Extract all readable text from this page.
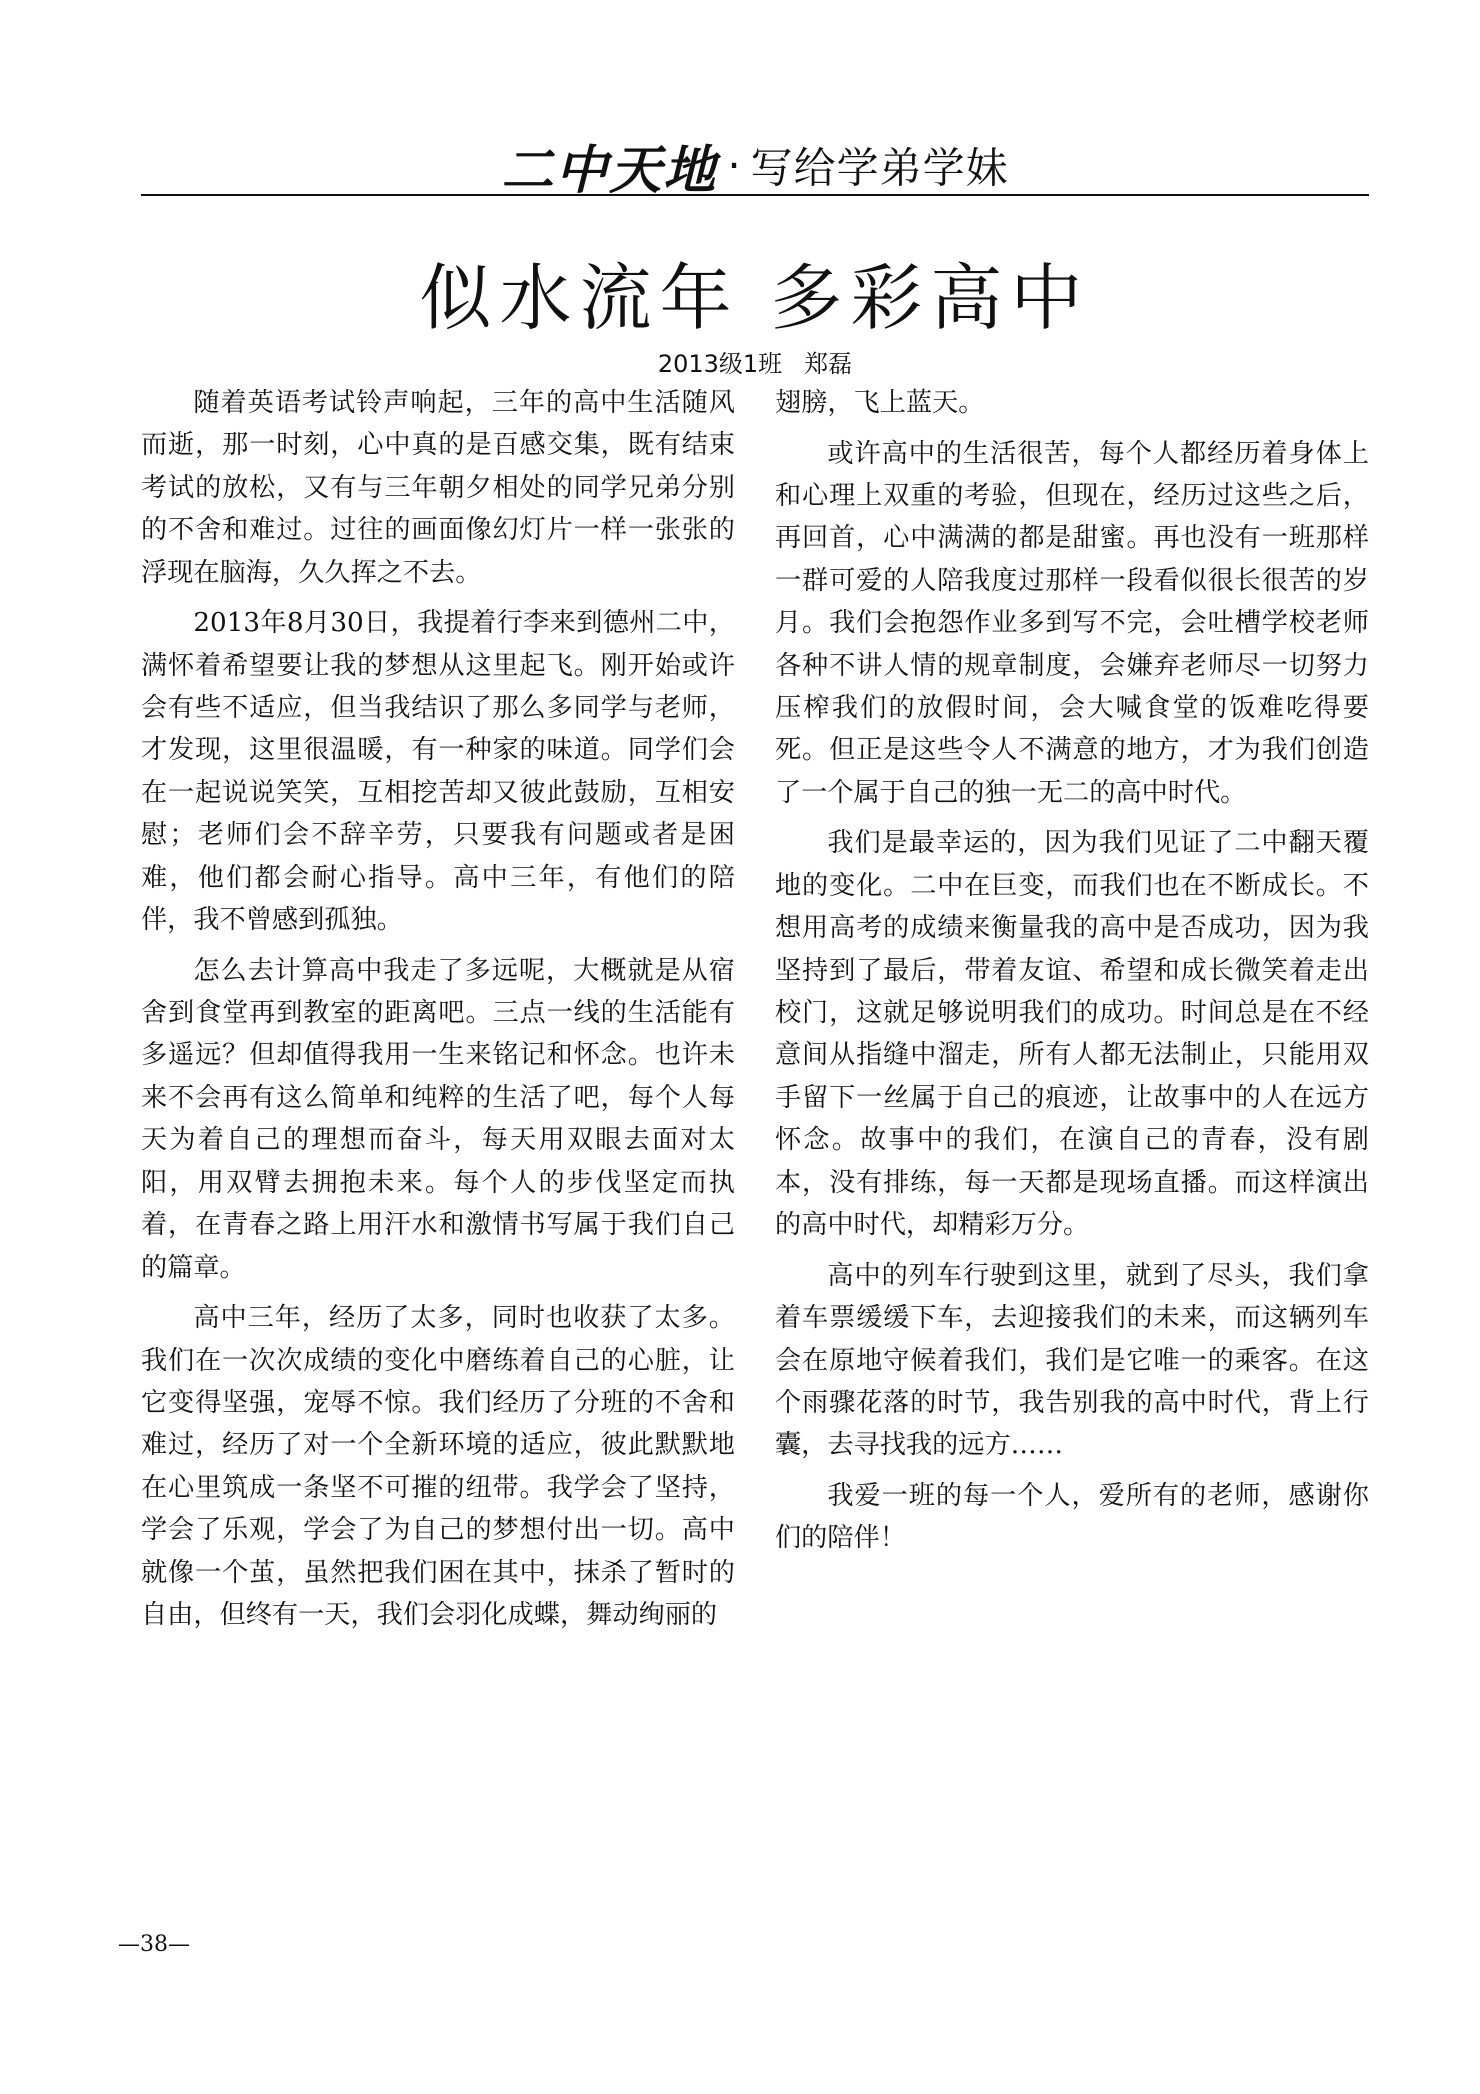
二中天地 · 写给学弟学妹
似水流年 多彩高中
2013级1班 郑磊

随着英语考试铃声响起，三年的高中生活随风而逝，那一时刻，心中真的是百感交集，既有结束考试的放松，又有与三年朝夕相处的同学兄弟分别的不舍和难过。过往的画面像幻灯片一样一张张的浮现在脑海，久久挥之不去。

2013年8月30日，我提着行李来到德州二中，满怀着希望要让我的梦想从这里起飞。刚开始或许会有些不适应，但当我结识了那么多同学与老师，才发现，这里很温暖，有一种家的味道。同学们会在一起说说笑笑，互相挖苦却又彼此鼓励，互相安慰；老师们会不辞辛劳，只要我有问题或者是困难，他们都会耐心指导。高中三年，有他们的陪伴，我不曾感到孤独。

怎么去计算高中我走了多远呢，大概就是从宿舍到食堂再到教室的距离吧。三点一线的生活能有多遥远？但却值得我用一生来铭记和怀念。也许未来不会再有这么简单和纯粹的生活了吧，每个人每天为着自己的理想而奋斗，每天用双眼去面对太阳，用双臂去拥抱未来。每个人的步伐坚定而执着，在青春之路上用汗水和激情书写属于我们自己的篇章。

高中三年，经历了太多，同时也收获了太多。我们在一次次成绩的变化中磨练着自己的心脏，让它变得坚强，宠辱不惊。我们经历了分班的不舍和难过，经历了对一个全新环境的适应，彼此默默地在心里筑成一条坚不可摧的纽带。我学会了坚持，学会了乐观，学会了为自己的梦想付出一切。高中就像一个茧，虽然把我们困在其中，抹杀了暂时的自由，但终有一天，我们会羽化成蝶，舞动绚丽的

翅膀，飞上蓝天。

或许高中的生活很苦，每个人都经历着身体上和心理上双重的考验，但现在，经历过这些之后，再回首，心中满满的都是甜蜜。再也没有一班那样一群可爱的人陪我度过那样一段看似很长很苦的岁月。我们会抱怨作业多到写不完，会吐槽学校老师各种不讲人情的规章制度，会嫌弃老师尽一切努力压榨我们的放假时间，会大喊食堂的饭难吃得要死。但正是这些令人不满意的地方，才为我们创造了一个属于自己的独一无二的高中时代。

我们是最幸运的，因为我们见证了二中翻天覆地的变化。二中在巨变，而我们也在不断成长。不想用高考的成绩来衡量我的高中是否成功，因为我坚持到了最后，带着友谊、希望和成长微笑着走出校门，这就足够说明我们的成功。时间总是在不经意间从指缝中溜走，所有人都无法制止，只能用双手留下一丝属于自己的痕迹，让故事中的人在远方怀念。故事中的我们，在演自己的青春，没有剧本，没有排练，每一天都是现场直播。而这样演出的高中时代，却精彩万分。

高中的列车行驶到这里，就到了尽头，我们拿着车票缓缓下车，去迎接我们的未来，而这辆列车会在原地守候着我们，我们是它唯一的乘客。在这个雨骤花落的时节，我告别我的高中时代，背上行囊，去寻找我的远方……

我爱一班的每一个人，爱所有的老师，感谢你们的陪伴！

—38—
